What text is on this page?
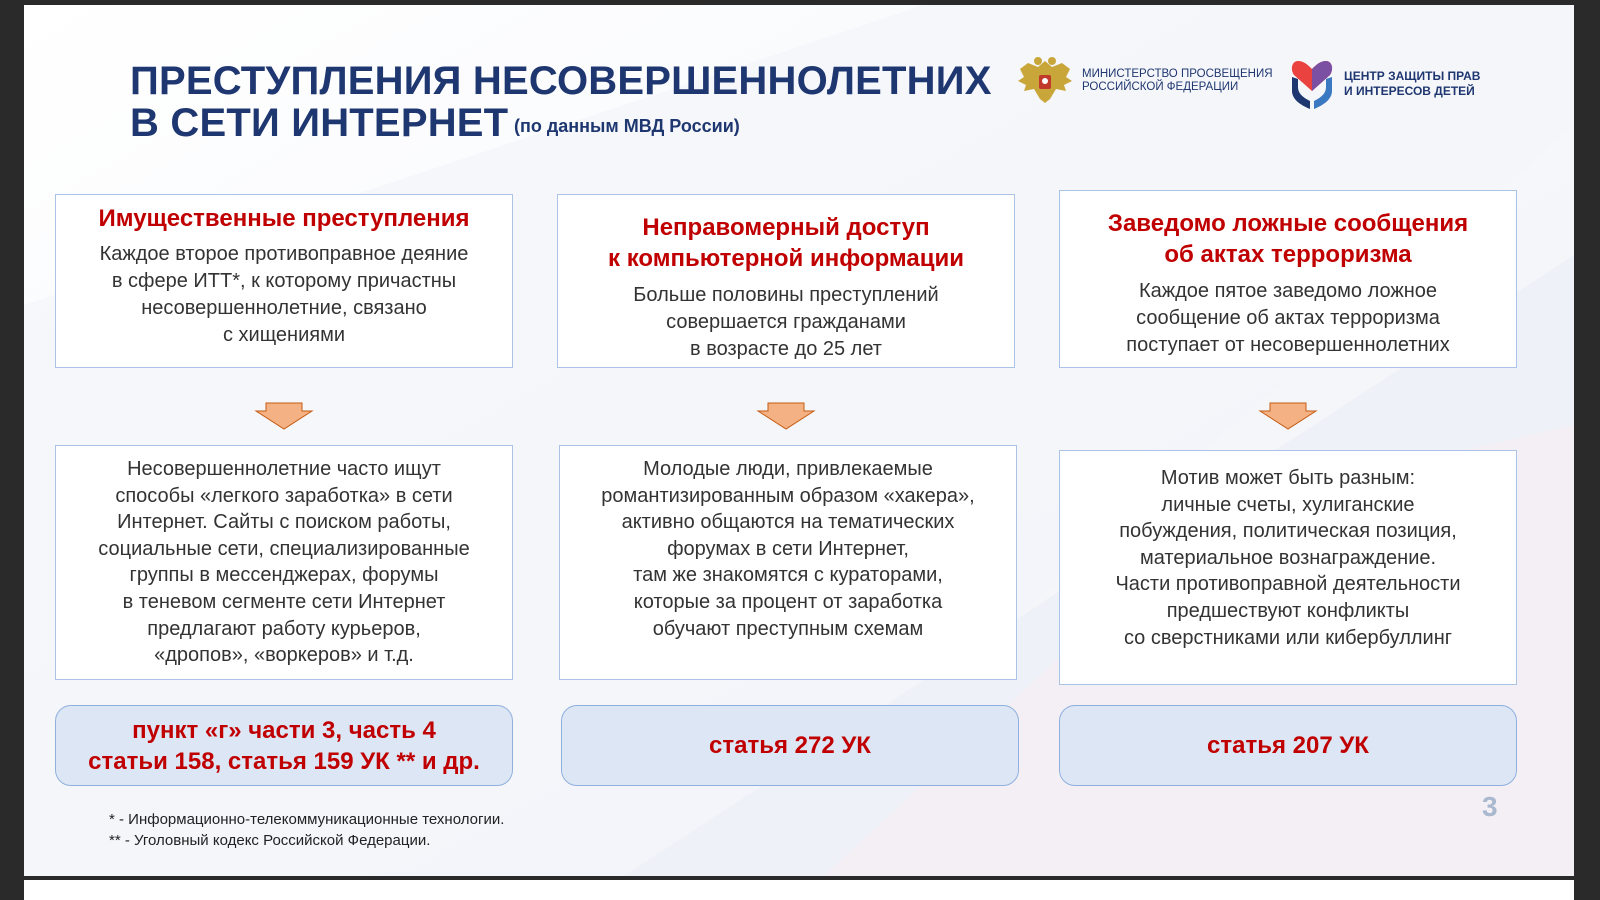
ПРЕСТУПЛЕНИЯ НЕСОВЕРШЕННОЛЕТНИХ
В СЕТИ ИНТЕРНЕТ (по данным МВД России)
МИНИСТЕРСТВО ПРОСВЕЩЕНИЯ
РОССИЙСКОЙ ФЕДЕРАЦИИ
ЦЕНТР ЗАЩИТЫ ПРАВ
И ИНТЕРЕСОВ ДЕТЕЙ

Имущественные преступления

Каждое второе противоправное деяние
в сфере ИТТ*, к которому причастны
несовершеннолетние, связано
с хищениями

Неправомерный доступ
к компьютерной информации

Больше половины преступлений
совершается гражданами
в возрасте до 25 лет

Заведомо ложные сообщения
об актах терроризма

Каждое пятое заведомо ложное
сообщение об актах терроризма
поступает от несовершеннолетних

Несовершеннолетние часто ищут
способы «легкого заработка» в сети
Интернет. Сайты с поиском работы,
социальные сети, специализированные
группы в мессенджерах, форумы
в теневом сегменте сети Интернет
предлагают работу курьеров,
«дропов», «воркеров» и т.д.

Молодые люди, привлекаемые
романтизированным образом «хакера»,
активно общаются на тематических
форумах в сети Интернет,
там же знакомятся с кураторами,
которые за процент от заработка
обучают преступным схемам

Мотив может быть разным:
личные счеты, хулиганские
побуждения, политическая позиция,
материальное вознаграждение.
Части противоправной деятельности
предшествуют конфликты
со сверстниками или кибербуллинг

пункт «г» части 3, часть 4
статьи 158, статья 159 УК ** и др.

статья 272 УК	статья 207 УК

* - Информационно-телекоммуникационные технологии.
** - Уголовный кодекс Российской Федерации.
3
